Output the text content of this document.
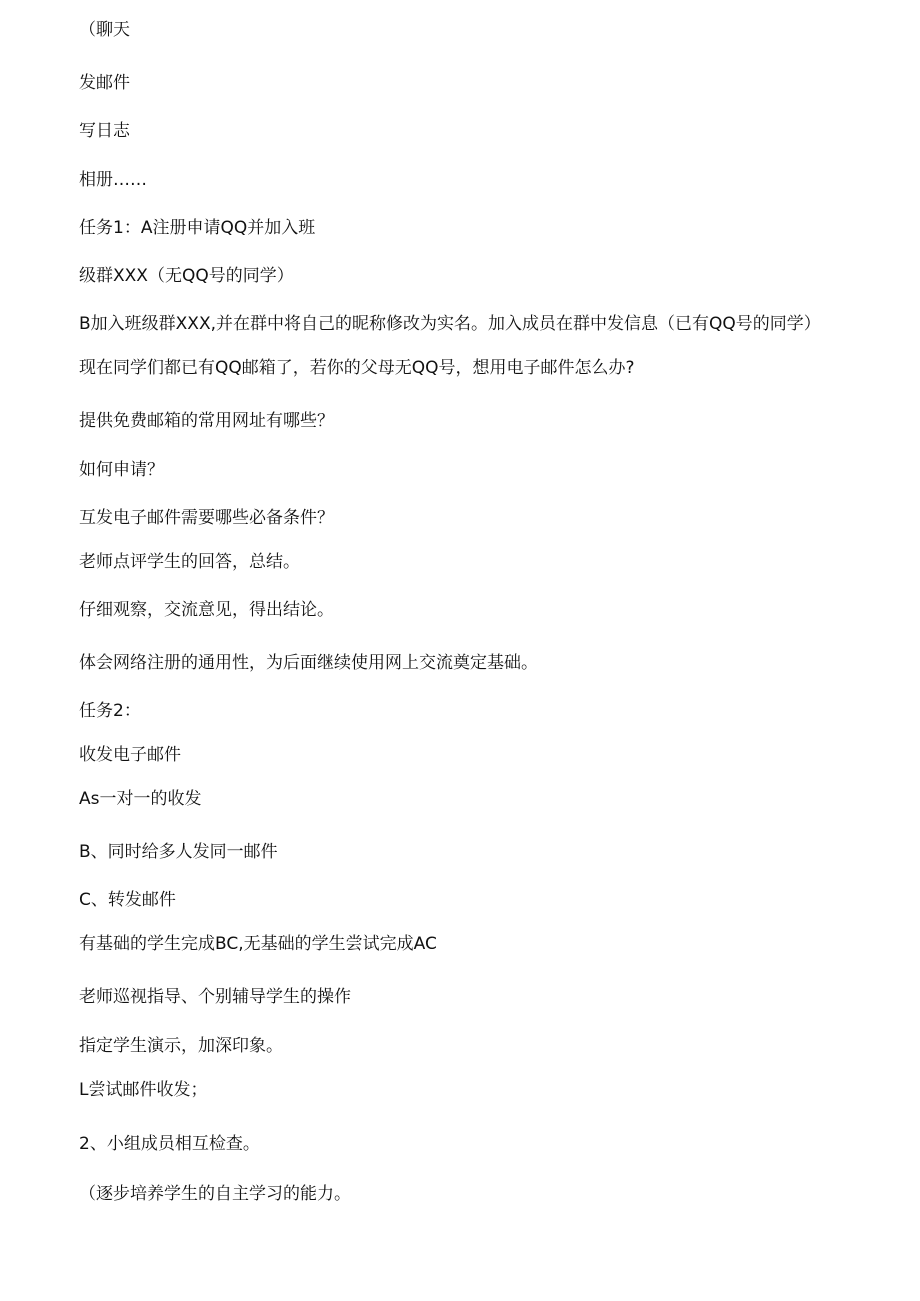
（聊天
发邮件
写日志
相册……
任务1：A注册申请QQ并加入班
级群XXX（无QQ号的同学）
B加入班级群XXX,并在群中将自己的昵称修改为实名。加入成员在群中发信息（已有QQ号的同学）
现在同学们都已有QQ邮箱了，若你的父母无QQ号，想用电子邮件怎么办?
提供免费邮箱的常用网址有哪些？
如何申请？
互发电子邮件需要哪些必备条件？
老师点评学生的回答，总结。
仔细观察，交流意见，得出结论。
体会网络注册的通用性，为后面继续使用网上交流奠定基础。
任务2：
收发电子邮件
As一对一的收发
B、同时给多人发同一邮件
C、转发邮件
有基础的学生完成BC,无基础的学生尝试完成AC
老师巡视指导、个别辅导学生的操作
指定学生演示，加深印象。
L尝试邮件收发；
2、小组成员相互检查。
（逐步培养学生的自主学习的能力。
